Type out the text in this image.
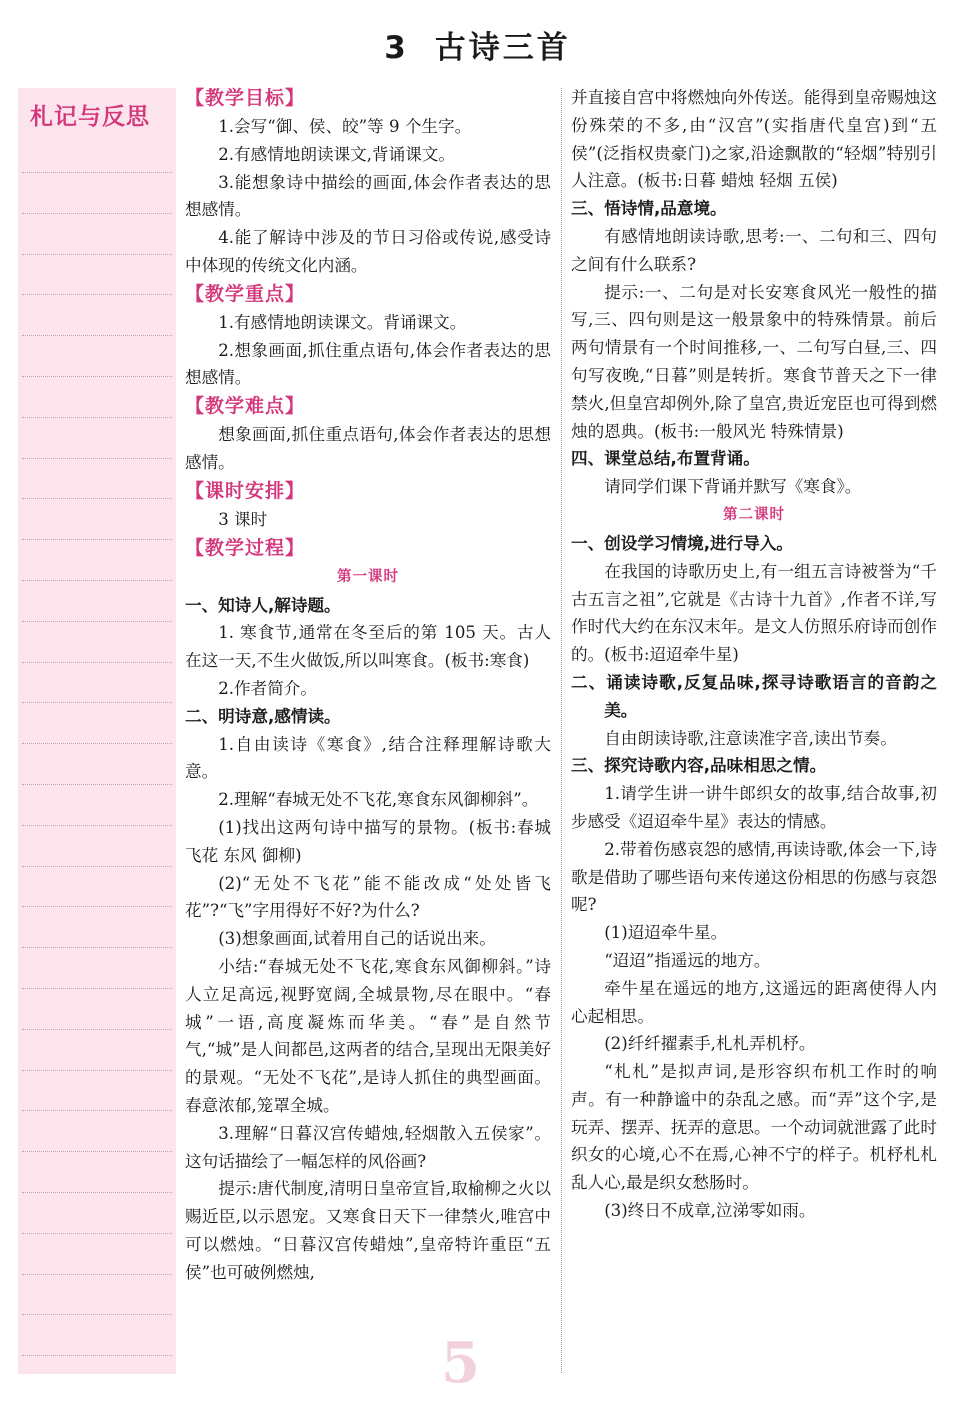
3 古诗三首
札记与反思

【教学目标】

1.会写“御、侯、皎”等 9 个生字。

2.有感情地朗读课文,背诵课文。

3.能想象诗中描绘的画面,体会作者表达的思想感情。

4.能了解诗中涉及的节日习俗或传说,感受诗中体现的传统文化内涵。

【教学重点】

1.有感情地朗读课文。背诵课文。

2.想象画面,抓住重点语句,体会作者表达的思想感情。

【教学难点】

想象画面,抓住重点语句,体会作者表达的思想感情。

【课时安排】

3 课时

【教学过程】

第一课时

一、知诗人,解诗题。

1. 寒食节,通常在冬至后的第 105 天。古人在这一天,不生火做饭,所以叫寒食。(板书:寒食)

2.作者简介。

二、明诗意,感情读。

1.自由读诗《寒食》,结合注释理解诗歌大意。

2.理解“春城无处不飞花,寒食东风御柳斜”。

(1)找出这两句诗中描写的景物。(板书:春城 飞花 东风 御柳)

(2)“无处不飞花”能不能改成“处处皆飞花”?“飞”字用得好不好?为什么?

(3)想象画面,试着用自己的话说出来。

小结:“春城无处不飞花,寒食东风御柳斜。”诗人立足高远,视野宽阔,全城景物,尽在眼中。“春城”一语,高度凝炼而华美。“春”是自然节气,“城”是人间都邑,这两者的结合,呈现出无限美好的景观。“无处不飞花”,是诗人抓住的典型画面。春意浓郁,笼罩全城。

3.理解“日暮汉宫传蜡烛,轻烟散入五侯家”。这句话描绘了一幅怎样的风俗画?

提示:唐代制度,清明日皇帝宣旨,取榆柳之火以赐近臣,以示恩宠。又寒食日天下一律禁火,唯宫中可以燃烛。“日暮汉宫传蜡烛”,皇帝特许重臣“五侯”也可破例燃烛,

并直接自宫中将燃烛向外传送。能得到皇帝赐烛这份殊荣的不多,由“汉宫”(实指唐代皇宫)到“五侯”(泛指权贵豪门)之家,沿途飘散的“轻烟”特别引人注意。(板书:日暮 蜡烛 轻烟 五侯)

三、悟诗情,品意境。

有感情地朗读诗歌,思考:一、二句和三、四句之间有什么联系?

提示:一、二句是对长安寒食风光一般性的描写,三、四句则是这一般景象中的特殊情景。前后两句情景有一个时间推移,一、二句写白昼,三、四句写夜晚,“日暮”则是转折。寒食节普天之下一律禁火,但皇宫却例外,除了皇宫,贵近宠臣也可得到燃烛的恩典。(板书:一般风光 特殊情景)

四、课堂总结,布置背诵。

请同学们课下背诵并默写《寒食》。

第二课时

一、创设学习情境,进行导入。

在我国的诗歌历史上,有一组五言诗被誉为“千古五言之祖”,它就是《古诗十九首》,作者不详,写作时代大约在东汉末年。是文人仿照乐府诗而创作的。(板书:迢迢牵牛星)

二、诵读诗歌,反复品味,探寻诗歌语言的音韵之美。

自由朗读诗歌,注意读准字音,读出节奏。

三、探究诗歌内容,品味相思之情。

1.请学生讲一讲牛郎织女的故事,结合故事,初步感受《迢迢牵牛星》表达的情感。

2.带着伤感哀怨的感情,再读诗歌,体会一下,诗歌是借助了哪些语句来传递这份相思的伤感与哀怨呢?

(1)迢迢牵牛星。

“迢迢”指遥远的地方。

牵牛星在遥远的地方,这遥远的距离使得人内心起相思。

(2)纤纤擢素手,札札弄机杼。

“札札”是拟声词,是形容织布机工作时的响声。有一种静谧中的杂乱之感。而“弄”这个字,是玩弄、摆弄、抚弄的意思。一个动词就泄露了此时织女的心境,心不在焉,心神不宁的样子。机杼札札乱人心,最是织女愁肠时。

(3)终日不成章,泣涕零如雨。

5
